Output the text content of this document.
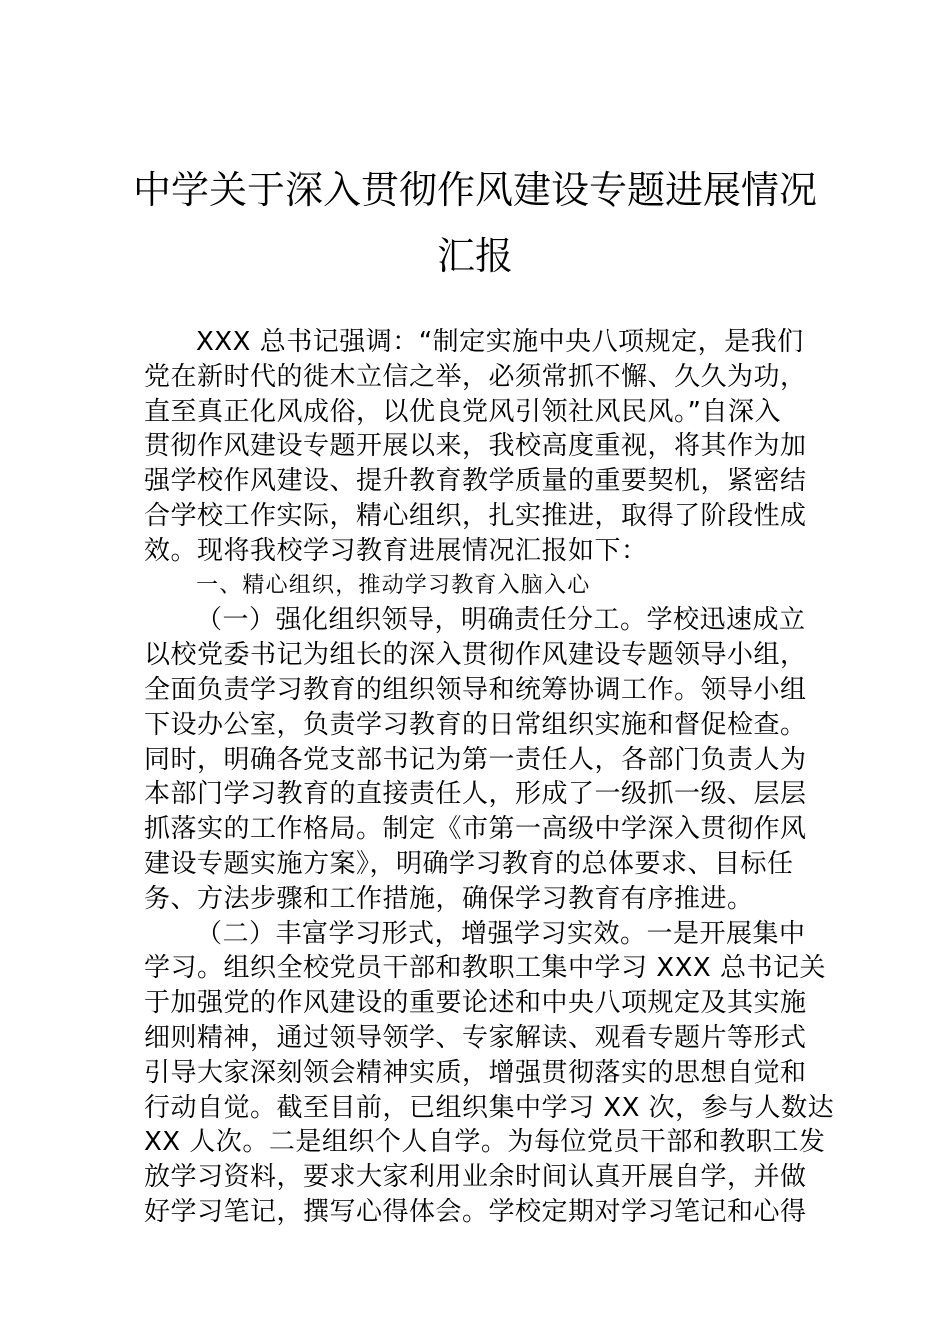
中学关于深入贯彻作风建设专题进展情况
汇报
XXX 总书记强调：“制定实施中央八项规定，是我们
党在新时代的徙木立信之举，必须常抓不懈、久久为功，
直至真正化风成俗，以优良党风引领社风民风。”自深入
贯彻作风建设专题开展以来，我校高度重视，将其作为加
强学校作风建设、提升教育教学质量的重要契机，紧密结
合学校工作实际，精心组织，扎实推进，取得了阶段性成
效。现将我校学习教育进展情况汇报如下：
一、精心组织，推动学习教育入脑入心
（一）强化组织领导，明确责任分工。学校迅速成立
以校党委书记为组长的深入贯彻作风建设专题领导小组，
全面负责学习教育的组织领导和统筹协调工作。领导小组
下设办公室，负责学习教育的日常组织实施和督促检查。
同时，明确各党支部书记为第一责任人，各部门负责人为
本部门学习教育的直接责任人，形成了一级抓一级、层层
抓落实的工作格局。制定《市第一高级中学深入贯彻作风
建设专题实施方案》，明确学习教育的总体要求、目标任
务、方法步骤和工作措施，确保学习教育有序推进。
（二）丰富学习形式，增强学习实效。一是开展集中
学习。组织全校党员干部和教职工集中学习 XXX 总书记关
于加强党的作风建设的重要论述和中央八项规定及其实施
细则精神，通过领导领学、专家解读、观看专题片等形式
引导大家深刻领会精神实质，增强贯彻落实的思想自觉和
行动自觉。截至目前，已组织集中学习 XX 次，参与人数达
XX 人次。二是组织个人自学。为每位党员干部和教职工发
放学习资料，要求大家利用业余时间认真开展自学，并做
好学习笔记，撰写心得体会。学校定期对学习笔记和心得
